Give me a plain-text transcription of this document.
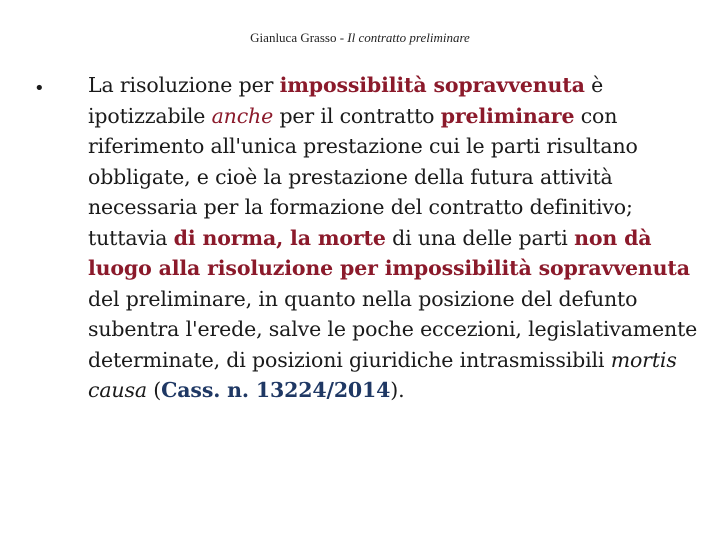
Gianluca Grasso - Il contratto preliminare
• La risoluzione per impossibilità sopravvenuta è ipotizzabile anche per il contratto preliminare con riferimento all'unica prestazione cui le parti risultano obbligate, e cioè la prestazione della futura attività necessaria per la formazione del contratto definitivo; tuttavia di norma, la morte di una delle parti non dà luogo alla risoluzione per impossibilità sopravvenuta del preliminare, in quanto nella posizione del defunto subentra l'erede, salve le poche eccezioni, legislativamente determinate, di posizioni giuridiche intrasmissibili mortis causa (Cass. n. 13224/2014).
